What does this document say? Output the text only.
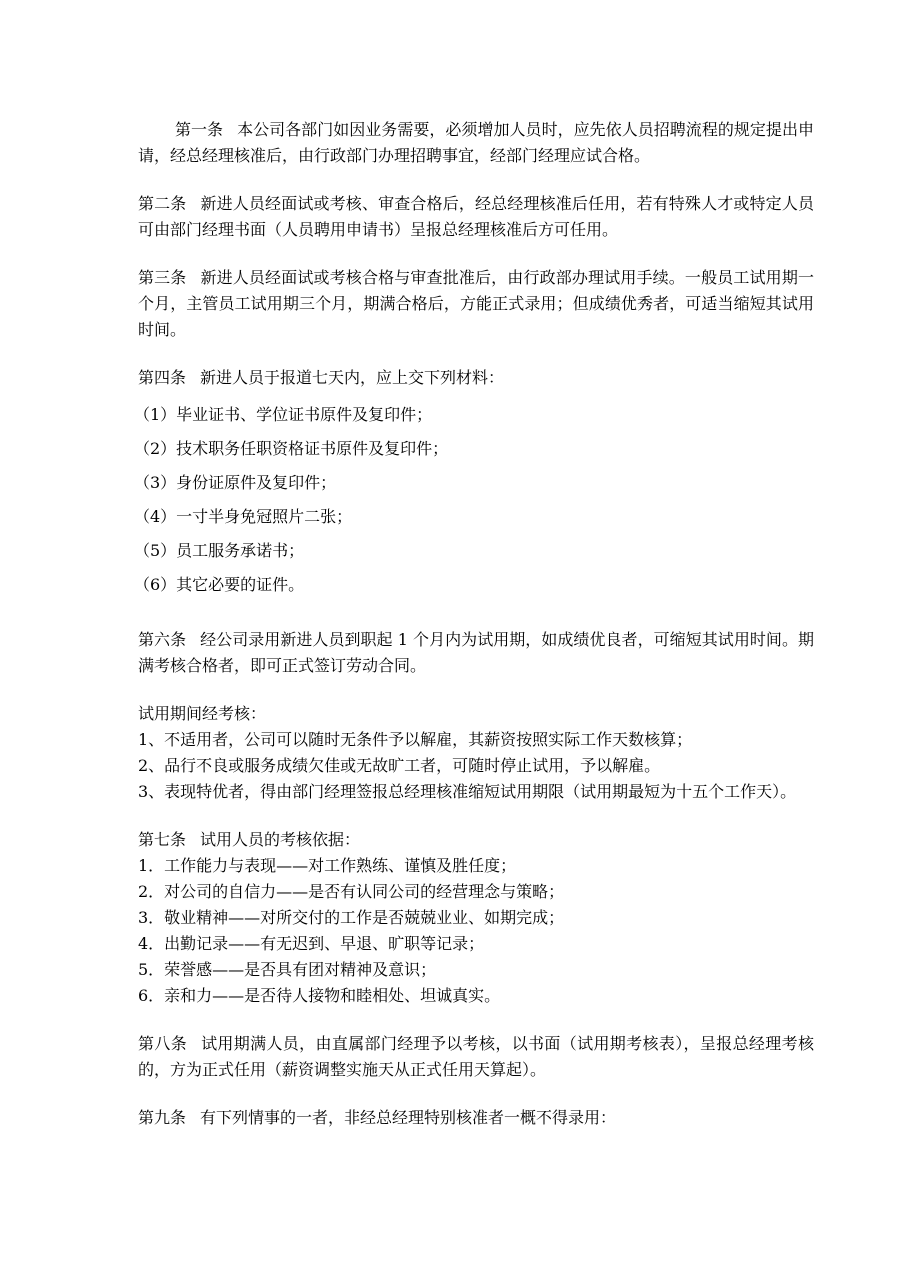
第一条 本公司各部门如因业务需要，必须增加人员时，应先依人员招聘流程的规定提出申请，经总经理核准后，由行政部门办理招聘事宜，经部门经理应试合格。

第二条 新进人员经面试或考核、审查合格后，经总经理核准后任用，若有特殊人才或特定人员可由部门经理书面（人员聘用申请书）呈报总经理核准后方可任用。

第三条 新进人员经面试或考核合格与审查批准后，由行政部办理试用手续。一般员工试用期一个月，主管员工试用期三个月，期满合格后，方能正式录用；但成绩优秀者，可适当缩短其试用时间。

第四条 新进人员于报道七天内，应上交下列材料：

（1）毕业证书、学位证书原件及复印件；
（2）技术职务任职资格证书原件及复印件；
（3）身份证原件及复印件；
（4）一寸半身免冠照片二张；
（5）员工服务承诺书；
（6）其它必要的证件。

第六条 经公司录用新进人员到职起 1 个月内为试用期，如成绩优良者，可缩短其试用时间。期满考核合格者，即可正式签订劳动合同。

试用期间经考核：

1、不适用者，公司可以随时无条件予以解雇，其薪资按照实际工作天数核算；

2、品行不良或服务成绩欠佳或无故旷工者，可随时停止试用，予以解雇。

3、表现特优者，得由部门经理签报总经理核准缩短试用期限（试用期最短为十五个工作天）。

第七条 试用人员的考核依据：

1．工作能力与表现——对工作熟练、谨慎及胜任度；

2．对公司的自信力——是否有认同公司的经营理念与策略；

3．敬业精神——对所交付的工作是否兢兢业业、如期完成；

4．出勤记录——有无迟到、早退、旷职等记录；

5．荣誉感——是否具有团对精神及意识；

6．亲和力——是否待人接物和睦相处、坦诚真实。

第八条 试用期满人员，由直属部门经理予以考核，以书面（试用期考核表），呈报总经理考核的，方为正式任用（薪资调整实施天从正式任用天算起）。

第九条 有下列情事的一者，非经总经理特别核准者一概不得录用：
